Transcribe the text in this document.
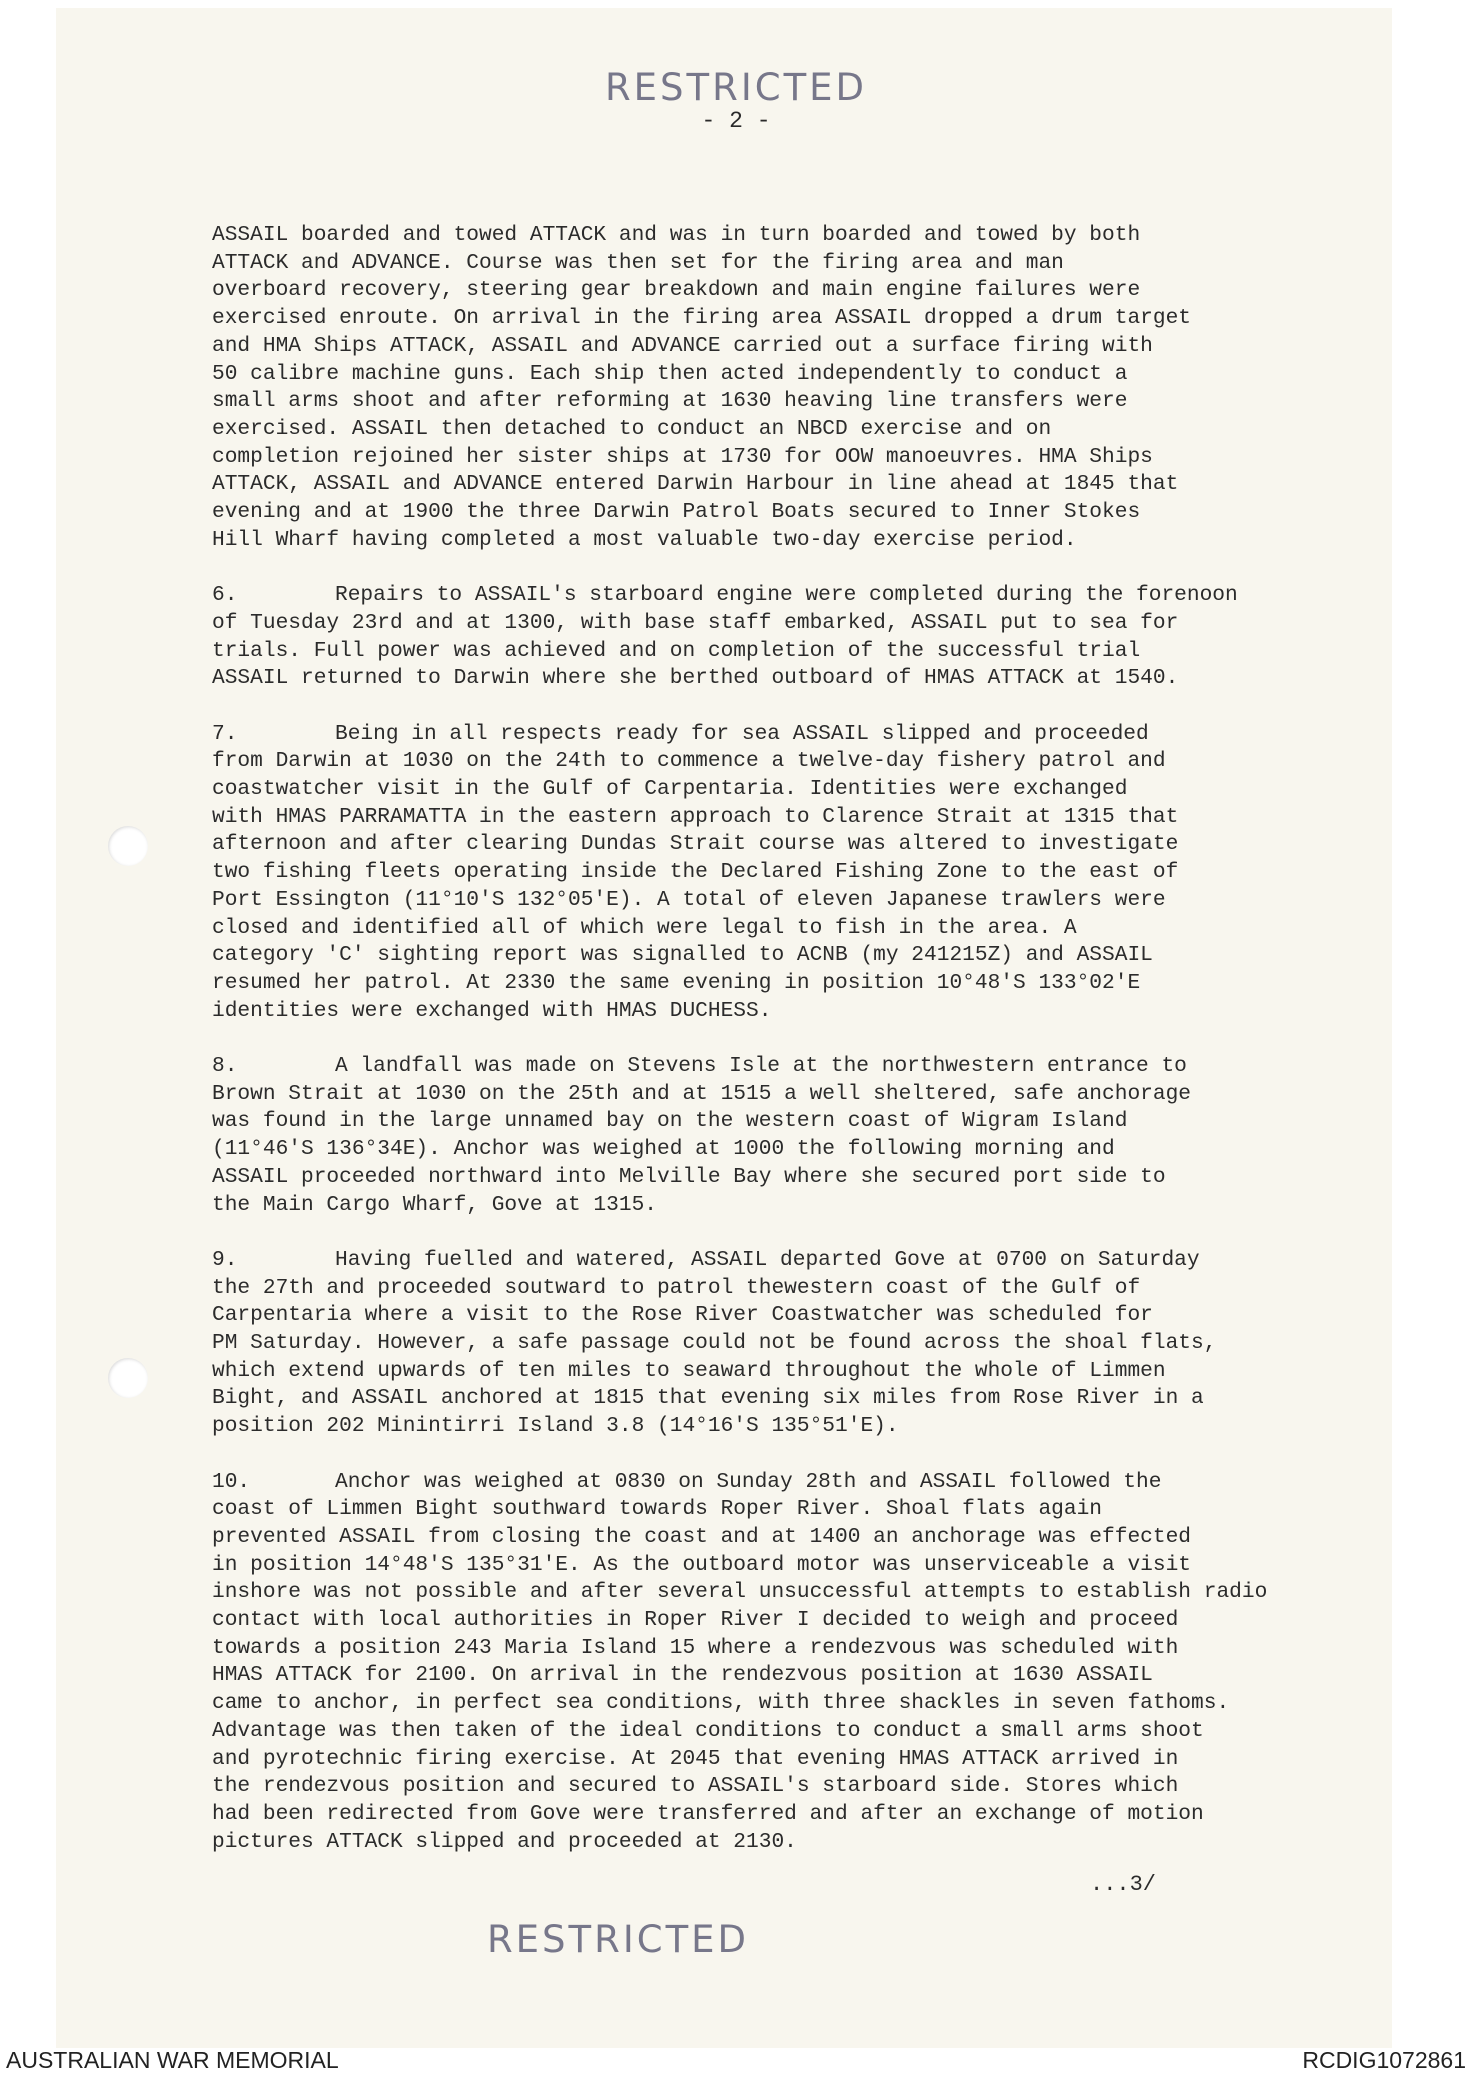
RESTRICTED
- 2 -
ASSAIL boarded and towed ATTACK and was in turn boarded and towed by both
ATTACK and ADVANCE. Course was then set for the firing area and man
overboard recovery, steering gear breakdown and main engine failures were
exercised enroute. On arrival in the firing area ASSAIL dropped a drum target
and HMA Ships ATTACK, ASSAIL and ADVANCE carried out a surface firing with
50 calibre machine guns. Each ship then acted independently to conduct a
small arms shoot and after reforming at 1630 heaving line transfers were
exercised. ASSAIL then detached to conduct an NBCD exercise and on
completion rejoined her sister ships at 1730 for OOW manoeuvres. HMA Ships
ATTACK, ASSAIL and ADVANCE entered Darwin Harbour in line ahead at 1845 that
evening and at 1900 the three Darwin Patrol Boats secured to Inner Stokes
Hill Wharf having completed a most valuable two-day exercise period.
6.	Repairs to ASSAIL's starboard engine were completed during the forenoon
of Tuesday 23rd and at 1300, with base staff embarked, ASSAIL put to sea for
trials. Full power was achieved and on completion of the successful trial
ASSAIL returned to Darwin where she berthed outboard of HMAS ATTACK at 1540.
7.	Being in all respects ready for sea ASSAIL slipped and proceeded
from Darwin at 1030 on the 24th to commence a twelve-day fishery patrol and
coastwatcher visit in the Gulf of Carpentaria. Identities were exchanged
with HMAS PARRAMATTA in the eastern approach to Clarence Strait at 1315 that
afternoon and after clearing Dundas Strait course was altered to investigate
two fishing fleets operating inside the Declared Fishing Zone to the east of
Port Essington (11°10'S 132°05'E). A total of eleven Japanese trawlers were
closed and identified all of which were legal to fish in the area. A
category 'C' sighting report was signalled to ACNB (my 241215Z) and ASSAIL
resumed her patrol. At 2330 the same evening in position 10°48'S 133°02'E
identities were exchanged with HMAS DUCHESS.
8.	A landfall was made on Stevens Isle at the northwestern entrance to
Brown Strait at 1030 on the 25th and at 1515 a well sheltered, safe anchorage
was found in the large unnamed bay on the western coast of Wigram Island
(11°46'S 136°34E). Anchor was weighed at 1000 the following morning and
ASSAIL proceeded northward into Melville Bay where she secured port side to
the Main Cargo Wharf, Gove at 1315.
9.	Having fuelled and watered, ASSAIL departed Gove at 0700 on Saturday
the 27th and proceeded soutward to patrol thewestern coast of the Gulf of
Carpentaria where a visit to the Rose River Coastwatcher was scheduled for
PM Saturday. However, a safe passage could not be found across the shoal flats,
which extend upwards of ten miles to seaward throughout the whole of Limmen
Bight, and ASSAIL anchored at 1815 that evening six miles from Rose River in a
position 202 Minintirri Island 3.8 (14°16'S 135°51'E).
10.	Anchor was weighed at 0830 on Sunday 28th and ASSAIL followed the
coast of Limmen Bight southward towards Roper River. Shoal flats again
prevented ASSAIL from closing the coast and at 1400 an anchorage was effected
in position 14°48'S 135°31'E. As the outboard motor was unserviceable a visit
inshore was not possible and after several unsuccessful attempts to establish radio
contact with local authorities in Roper River I decided to weigh and proceed
towards a position 243 Maria Island 15 where a rendezvous was scheduled with
HMAS ATTACK for 2100. On arrival in the rendezvous position at 1630 ASSAIL
came to anchor, in perfect sea conditions, with three shackles in seven fathoms.
Advantage was then taken of the ideal conditions to conduct a small arms shoot
and pyrotechnic firing exercise. At 2045 that evening HMAS ATTACK arrived in
the rendezvous position and secured to ASSAIL's starboard side. Stores which
had been redirected from Gove were transferred and after an exchange of motion
pictures ATTACK slipped and proceeded at 2130.
...3/
RESTRICTED
AUSTRALIAN WAR MEMORIAL	RCDIG1072861
